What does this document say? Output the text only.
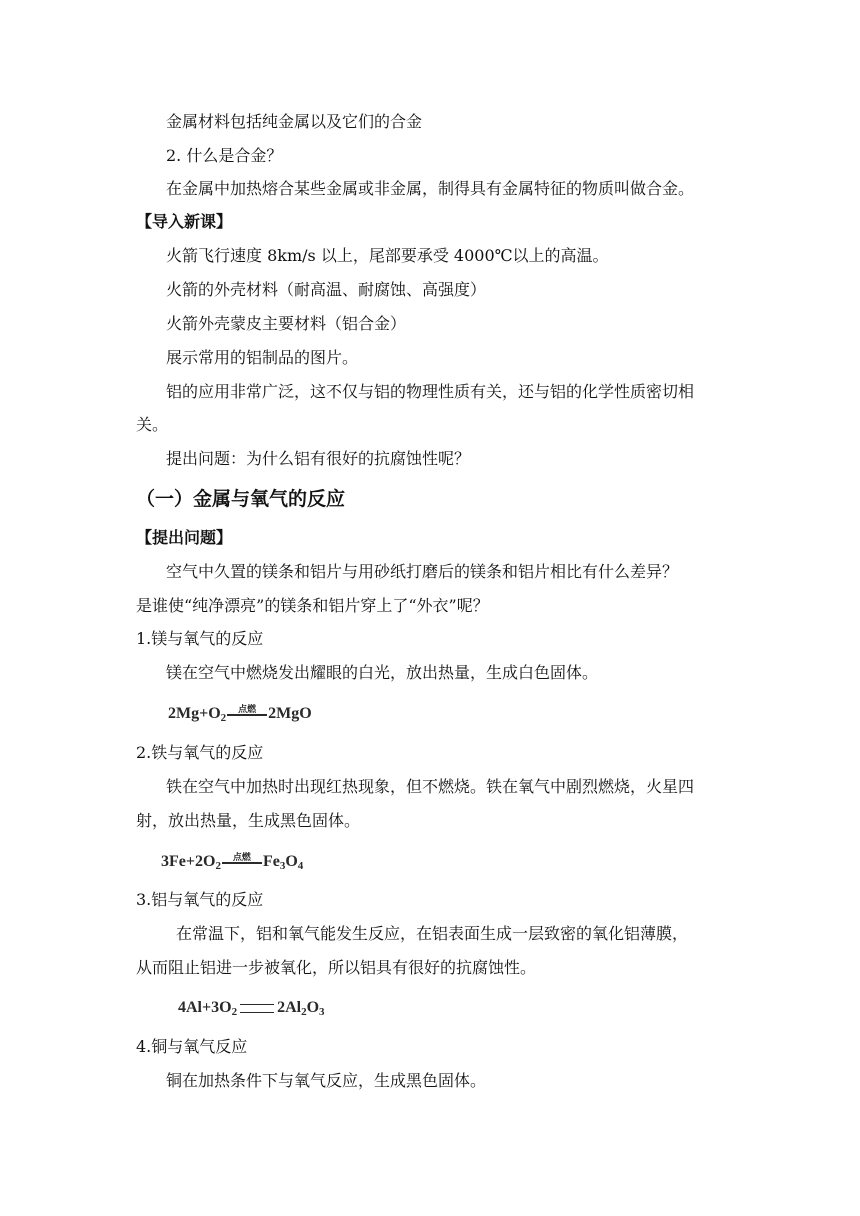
金属材料包括纯金属以及它们的合金
2. 什么是合金？
在金属中加热熔合某些金属或非金属，制得具有金属特征的物质叫做合金。
【导入新课】
火箭飞行速度 8km/s 以上，尾部要承受 4000℃以上的高温。
火箭的外壳材料（耐高温、耐腐蚀、高强度）
火箭外壳蒙皮主要材料（铝合金）
展示常用的铝制品的图片。
铝的应用非常广泛，这不仅与铝的物理性质有关，还与铝的化学性质密切相
关。
提出问题：为什么铝有很好的抗腐蚀性呢？
（一）金属与氧气的反应
【提出问题】
空气中久置的镁条和铝片与用砂纸打磨后的镁条和铝片相比有什么差异？
是谁使“纯净漂亮”的镁条和铝片穿上了“外衣”呢？
1.镁与氧气的反应
镁在空气中燃烧发出耀眼的白光，放出热量，生成白色固体。
$2Mg+O_2$
点燃 2MgO
2.铁与氧气的反应
铁在空气中加热时出现红热现象，但不燃烧。铁在氧气中剧烈燃烧，火星四
射，放出热量，生成黑色固体。
$3Fe+2O_2$
点燃 $Fe_3O_4$
3.铝与氧气的反应
在常温下，铝和氧气能发生反应，在铝表面生成一层致密的氧化铝薄膜，
从而阻止铝进一步被氧化，所以铝具有很好的抗腐蚀性。
$4Al+3O_2$	$2Al_2O_3$
4.铜与氧气反应
铜在加热条件下与氧气反应，生成黑色固体。
